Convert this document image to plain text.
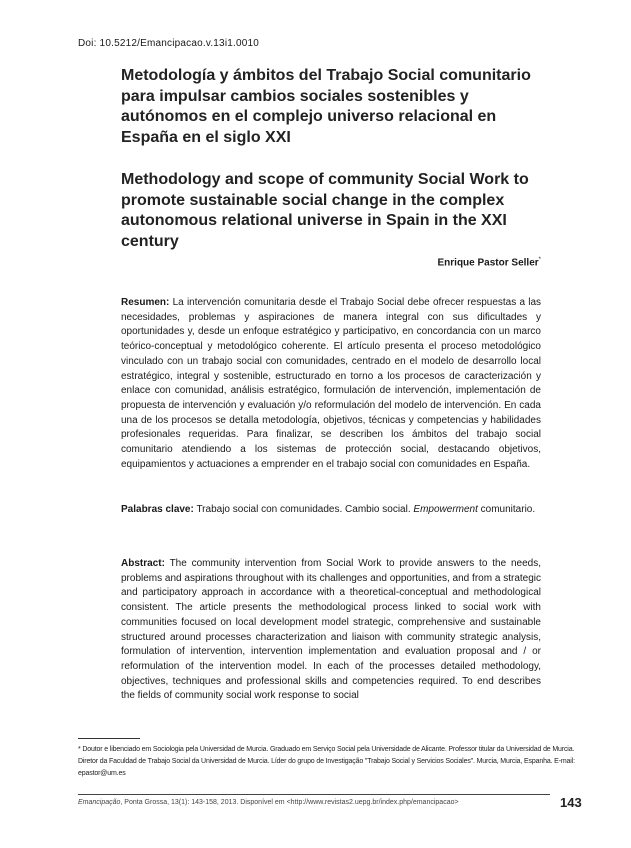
Doi: 10.5212/Emancipacao.v.13i1.0010
Metodología y ámbitos del Trabajo Social comunitario para impulsar cambios sociales sostenibles y autónomos en el complejo universo relacional en España en el siglo XXI
Methodology and scope of community Social Work to promote sustainable social change in the complex autonomous relational universe in Spain in the XXI century
Enrique Pastor Seller*

Resumen: La intervención comunitaria desde el Trabajo Social debe ofrecer respuestas a las necesidades, problemas y aspiraciones de manera integral con sus dificultades y oportunidades y, desde un enfoque estratégico y participativo, en concordancia con un marco teórico-conceptual y metodológico coherente. El artículo presenta el proceso metodológico vinculado con un trabajo social con comunidades, centrado en el modelo de desarrollo local estratégico, integral y sostenible, estructurado en torno a los procesos de caracterización y enlace con comunidad, análisis estratégico, formulación de intervención, implementación de propuesta de intervención y evaluación y/o reformulación del modelo de intervención. En cada una de los procesos se detalla metodología, objetivos, técnicas y competencias y habilidades profesionales requeridas. Para finalizar, se describen los ámbitos del trabajo social comunitario atendiendo a los sistemas de protección social, destacando objetivos, equipamientos y actuaciones a emprender en el trabajo social con comunidades en España.

Palabras clave: Trabajo social con comunidades. Cambio social. Empowerment comunitario.

Abstract: The community intervention from Social Work to provide answers to the needs, problems and aspirations throughout with its challenges and opportunities, and from a strategic and participatory approach in accordance with a theoretical-conceptual and methodological consistent. The article presents the methodological process linked to social work with communities focused on local development model strategic, comprehensive and sustainable structured around processes characterization and liaison with community strategic analysis, formulation of intervention, intervention implementation and evaluation proposal and / or reformulation of the intervention model. In each of the processes detailed methodology, objectives, techniques and professional skills and competencies required. To end describes the fields of community social work response to social

* Doutor e libenciado em Sociologia pela Universidad de Murcia. Graduado em Serviço Social pela Universidade de Alicante. Professor titular da Universidad de Murcia. Diretor da Faculdad de Trabajo Social da Universidad de Murcia. Líder do grupo de Investigação "Trabajo Social y Servicios Sociales". Murcia, Murcia, Espanha. E-mail: epastor@um.es

Emancipação, Ponta Grossa, 13(1): 143-158, 2013. Disponível em <http://www.revistas2.uepg.br/index.php/emancipacao>	143
